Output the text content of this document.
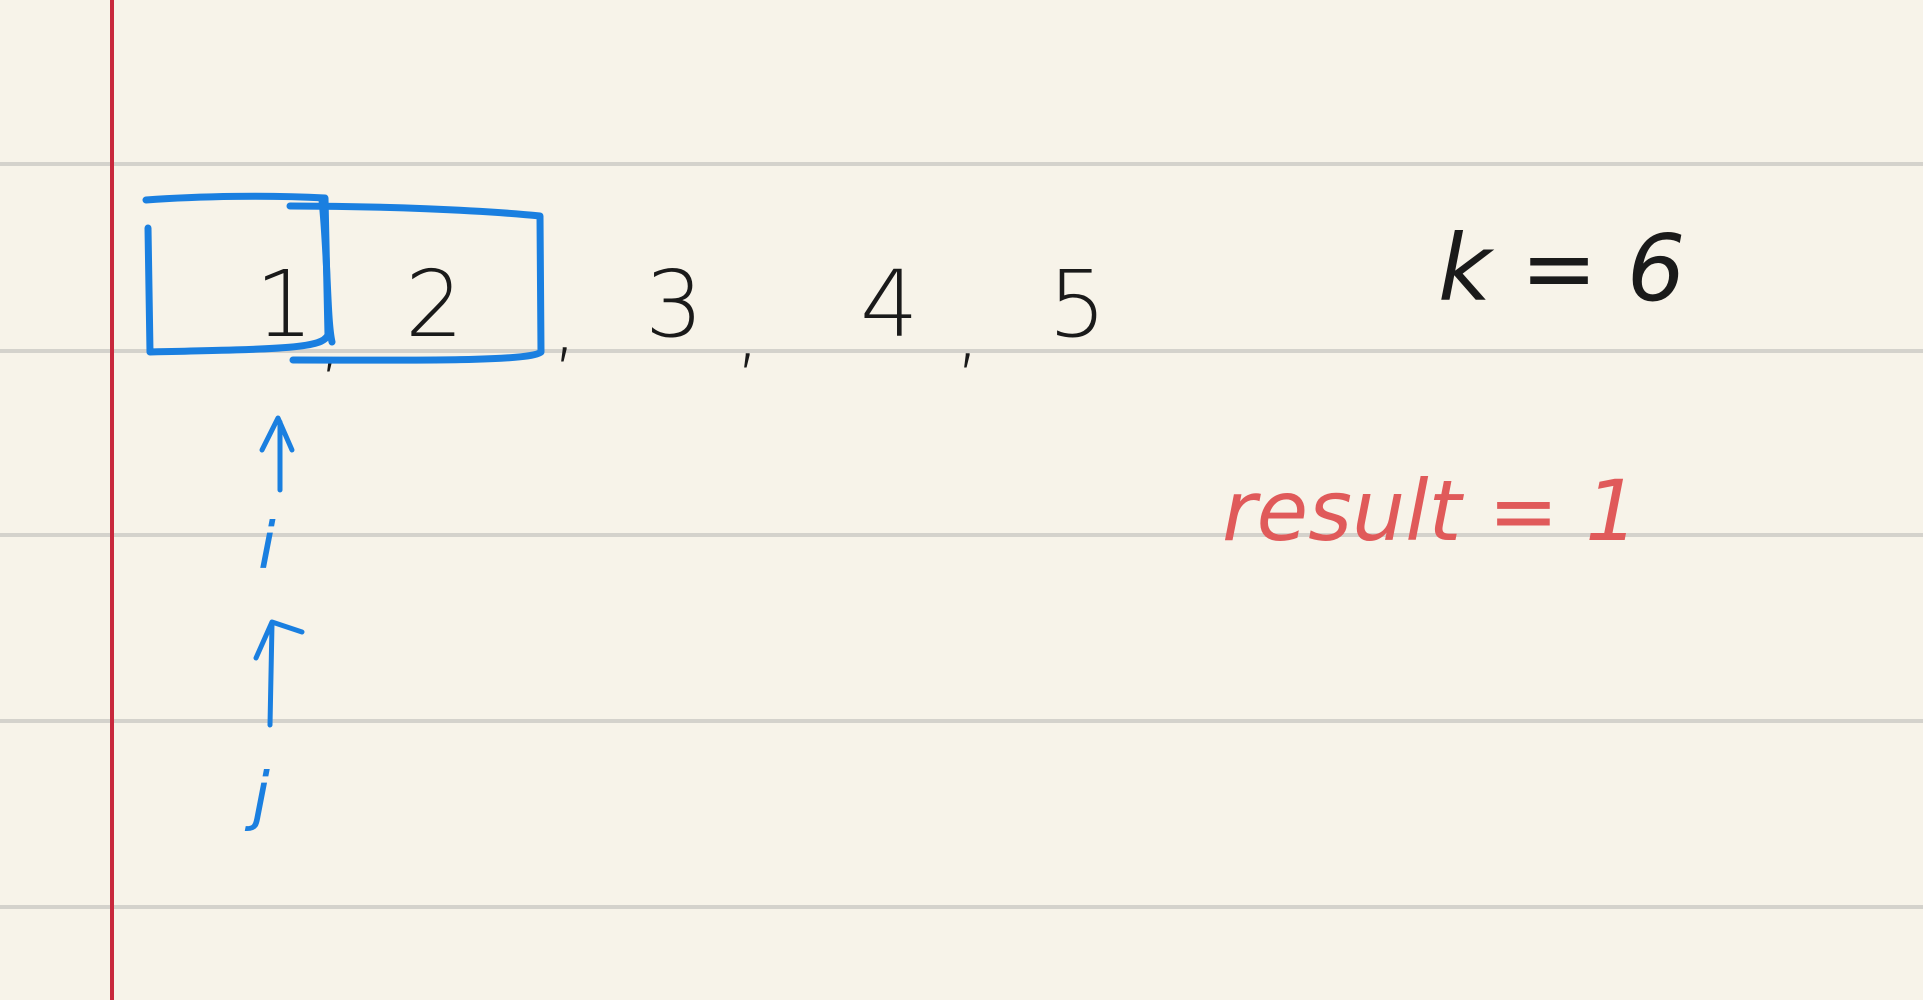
1 2 3 4 5
,	, , ,
i
j
k = 6
result = 1
